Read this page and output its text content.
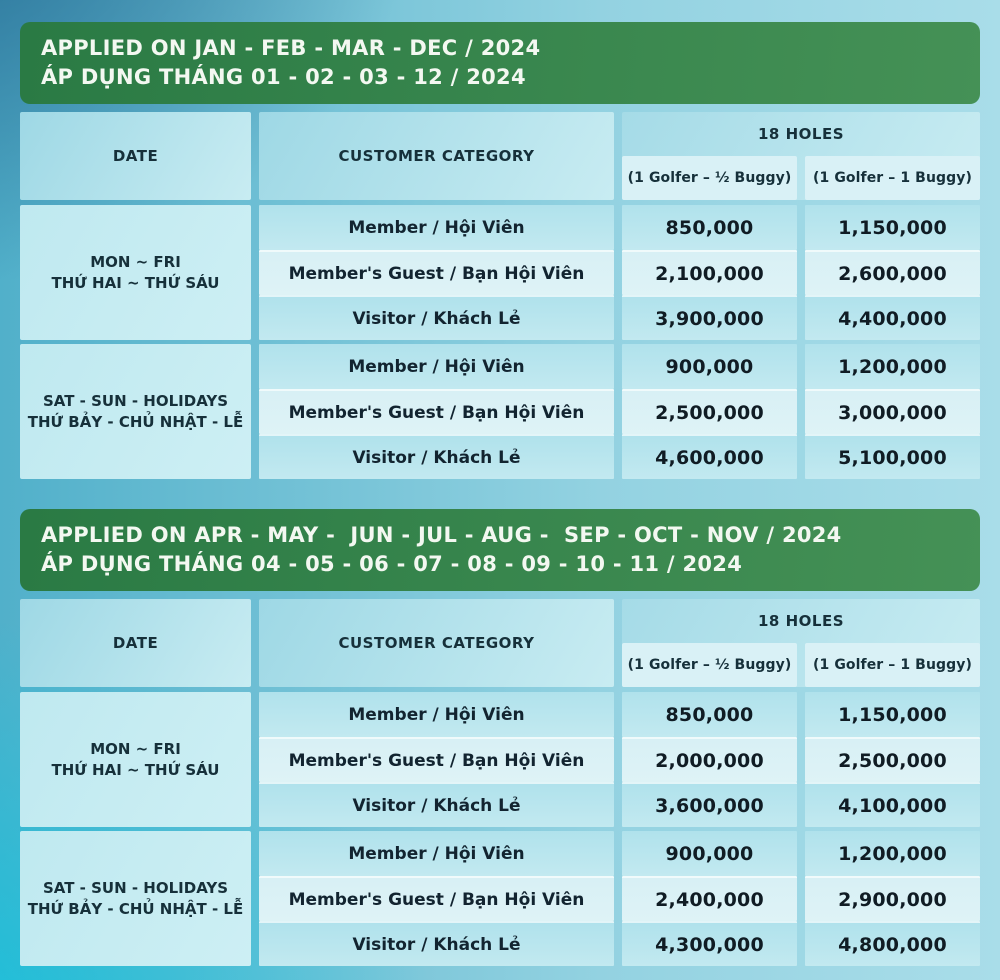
APPLIED ON JAN - FEB - MAR - DEC / 2024
ÁP DỤNG THÁNG 01 - 02 - 03 - 12 / 2024
DATE	CUSTOMER CATEGORY
18 HOLES
(1 Golfer – ½ Buggy)	(1 Golfer – 1 Buggy)
MON ~ FRI
THỨ HAI ~ THỨ SÁU
Member / Hội Viên	850,000	1,150,000
Member's Guest / Bạn Hội Viên	2,100,000	2,600,000
Visitor / Khách Lẻ	3,900,000	4,400,000
SAT - SUN - HOLIDAYS
THỨ BẢY - CHỦ NHẬT - LỄ
Member / Hội Viên	900,000	1,200,000
Member's Guest / Bạn Hội Viên	2,500,000	3,000,000
Visitor / Khách Lẻ	4,600,000	5,100,000
APPLIED ON APR - MAY -  JUN - JUL - AUG -  SEP - OCT - NOV / 2024
ÁP DỤNG THÁNG 04 - 05 - 06 - 07 - 08 - 09 - 10 - 11 / 2024
DATE	CUSTOMER CATEGORY
18 HOLES
(1 Golfer – ½ Buggy)	(1 Golfer – 1 Buggy)
MON ~ FRI
THỨ HAI ~ THỨ SÁU
Member / Hội Viên	850,000	1,150,000
Member's Guest / Bạn Hội Viên	2,000,000	2,500,000
Visitor / Khách Lẻ	3,600,000	4,100,000
SAT - SUN - HOLIDAYS
THỨ BẢY - CHỦ NHẬT - LỄ
Member / Hội Viên	900,000	1,200,000
Member's Guest / Bạn Hội Viên	2,400,000	2,900,000
Visitor / Khách Lẻ	4,300,000	4,800,000
